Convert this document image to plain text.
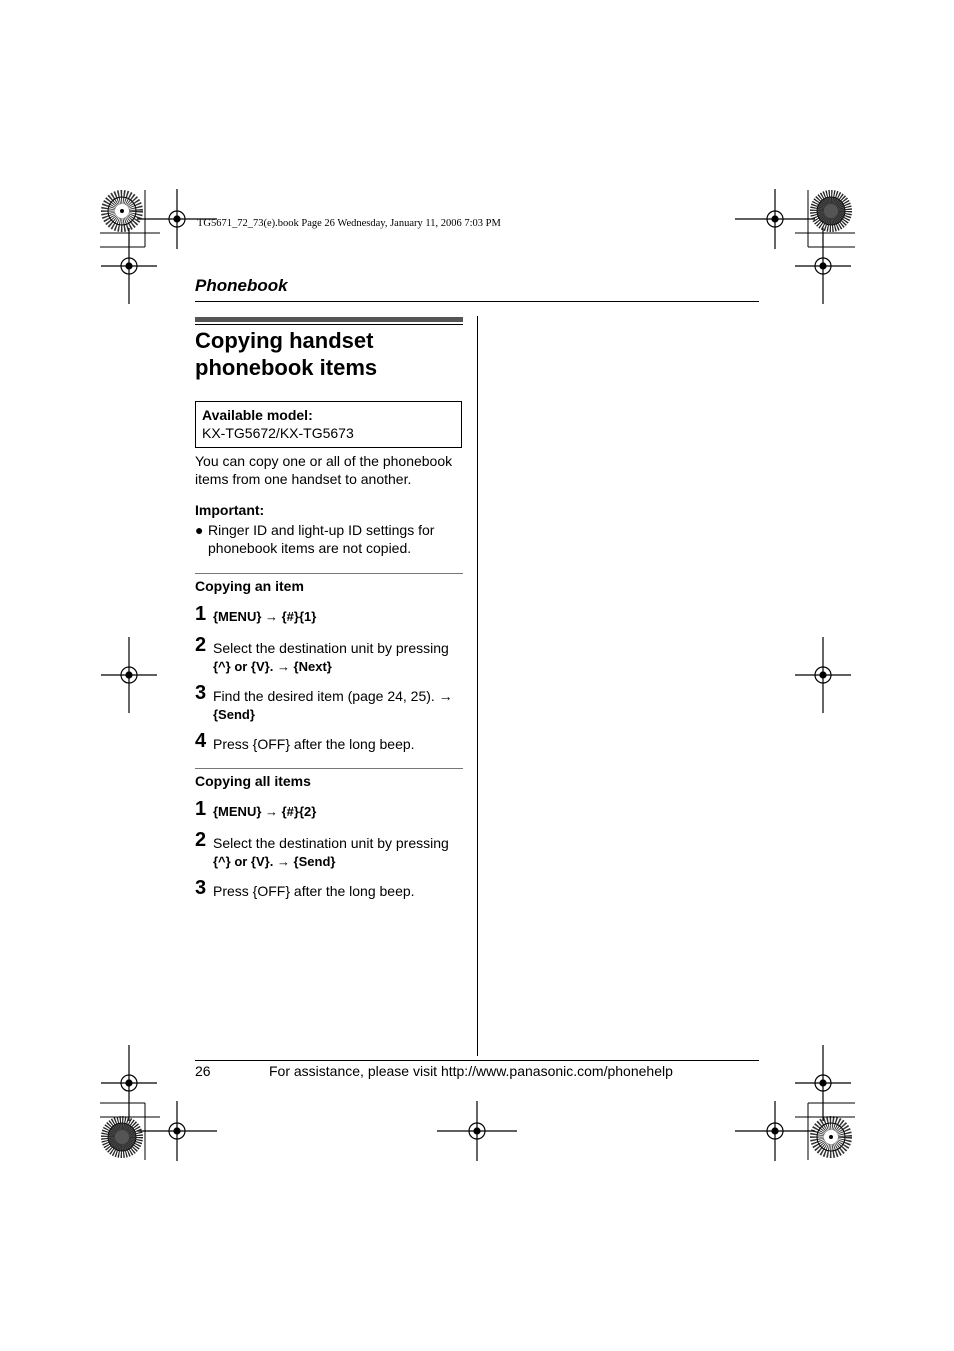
TG5671_72_73(e).book Page 26 Wednesday, January 11, 2006 7:03 PM
Phonebook
Copying handset
phonebook items
Available model:
KX-TG5672/KX-TG5673
You can copy one or all of the phonebook
items from one handset to another.
Important:
● Ringer ID and light-up ID settings for
phonebook items are not copied.
Copying an item
1 {MENU} → {#}{1}
2 Select the destination unit by pressing
{^} or {V}. → {Next}
3 Find the desired item (page 24, 25). →
{Send}
4 Press {OFF} after the long beep.
Copying all items
1 {MENU} → {#}{2}
2 Select the destination unit by pressing
{^} or {V}. → {Send}
3 Press {OFF} after the long beep.
26	For assistance, please visit http://www.panasonic.com/phonehelp
